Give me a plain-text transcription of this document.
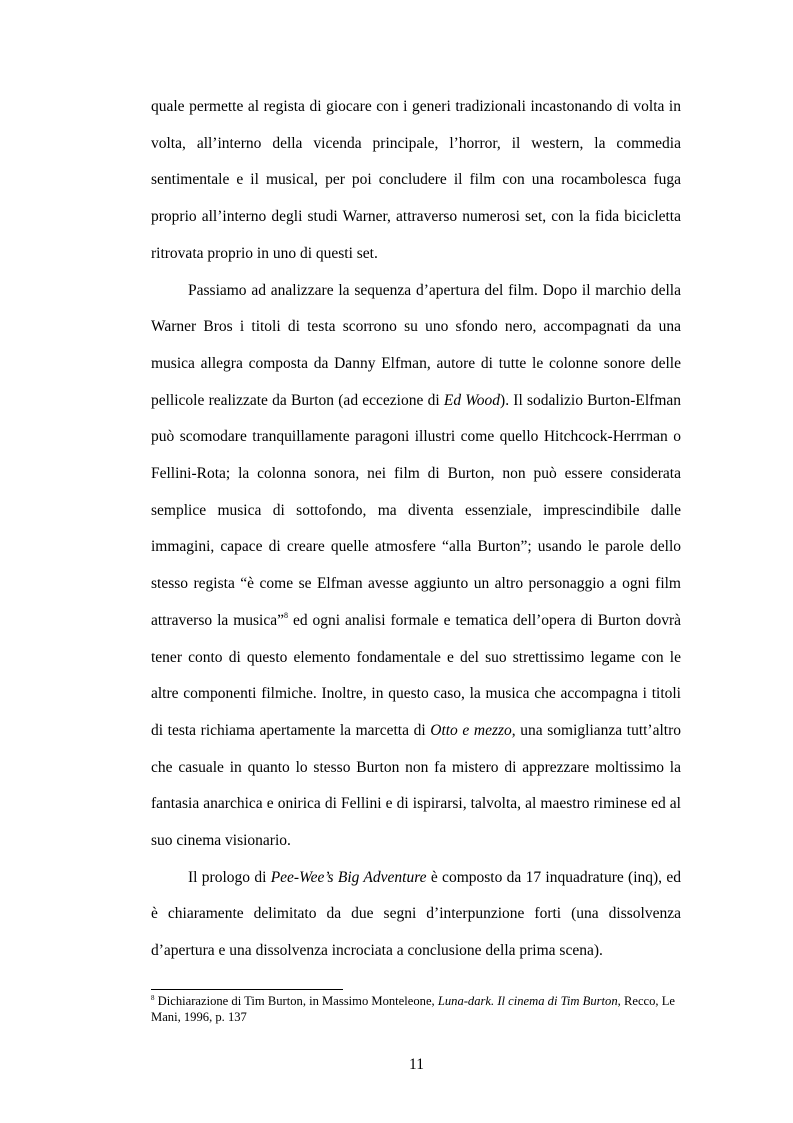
quale permette al regista di giocare con i generi tradizionali incastonando di volta in volta, all’interno della vicenda principale, l’horror, il western, la commedia sentimentale e il musical, per poi concludere il film con una rocambolesca fuga proprio all’interno degli studi Warner, attraverso numerosi set, con la fida bicicletta ritrovata proprio in uno di questi set.

Passiamo ad analizzare la sequenza d’apertura del film. Dopo il marchio della Warner Bros i titoli di testa scorrono su uno sfondo nero, accompagnati da una musica allegra composta da Danny Elfman, autore di tutte le colonne sonore delle pellicole realizzate da Burton (ad eccezione di Ed Wood). Il sodalizio Burton-Elfman può scomodare tranquillamente paragoni illustri come quello Hitchcock-Herrman o Fellini-Rota; la colonna sonora, nei film di Burton, non può essere considerata semplice musica di sottofondo, ma diventa essenziale, imprescindibile dalle immagini, capace di creare quelle atmosfere “alla Burton”; usando le parole dello stesso regista “è come se Elfman avesse aggiunto un altro personaggio a ogni film attraverso la musica”$^8$ ed ogni analisi formale e tematica dell’opera di Burton dovrà tener conto di questo elemento fondamentale e del suo strettissimo legame con le altre componenti filmiche. Inoltre, in questo caso, la musica che accompagna i titoli di testa richiama apertamente la marcetta di Otto e mezzo, una somiglianza tutt’altro che casuale in quanto lo stesso Burton non fa mistero di apprezzare moltissimo la fantasia anarchica e onirica di Fellini e di ispirarsi, talvolta, al maestro riminese ed al suo cinema visionario.

Il prologo di Pee-Wee’s Big Adventure è composto da 17 inquadrature (inq), ed è chiaramente delimitato da due segni d’interpunzione forti (una dissolvenza d’apertura e una dissolvenza incrociata a conclusione della prima scena).

$^8$ Dichiarazione di Tim Burton, in Massimo Monteleone, Luna-dark. Il cinema di Tim Burton, Recco, Le Mani, 1996, p. 137
11
